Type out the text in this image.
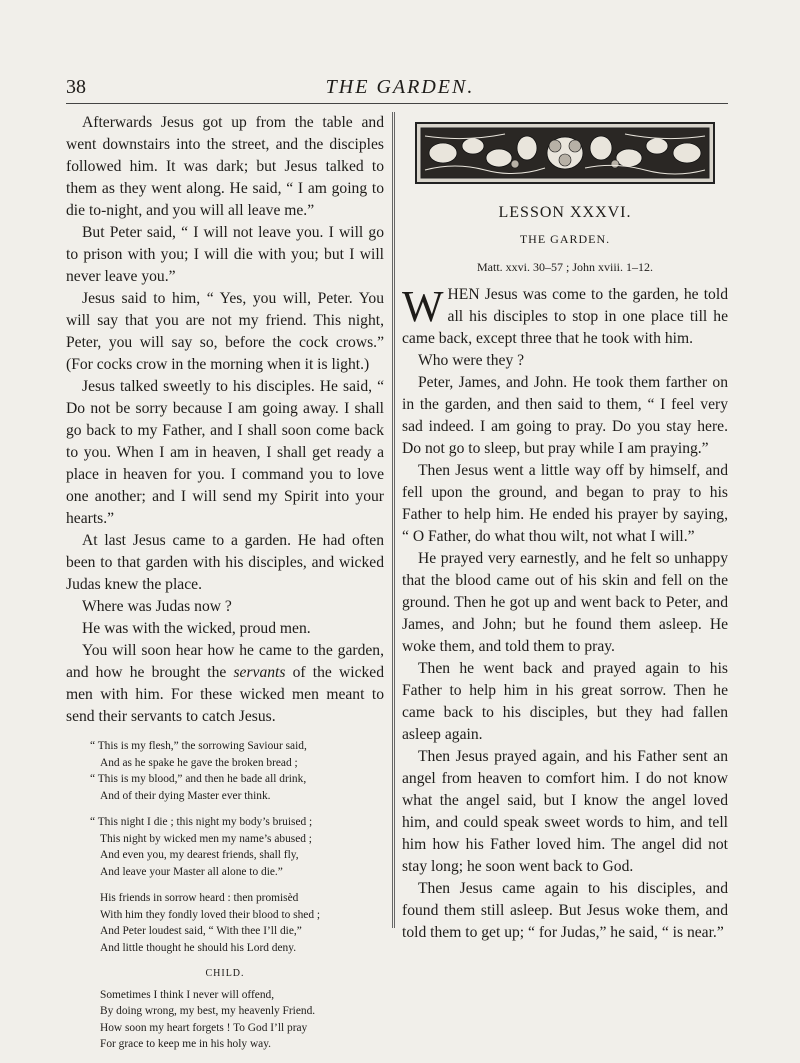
38	THE GARDEN.

Afterwards Jesus got up from the table and went downstairs into the street, and the disciples followed him. It was dark; but Jesus talked to them as they went along. He said, “ I am going to die to-night, and you will all leave me.”

But Peter said, “ I will not leave you. I will go to prison with you; I will die with you; but I will never leave you.”

Jesus said to him, “ Yes, you will, Peter. You will say that you are not my friend. This night, Peter, you will say so, before the cock crows.” (For cocks crow in the morning when it is light.)

Jesus talked sweetly to his disciples. He said, “ Do not be sorry because I am going away. I shall go back to my Father, and I shall soon come back to you. When I am in heaven, I shall get ready a place in heaven for you. I command you to love one another; and I will send my Spirit into your hearts.”

At last Jesus came to a garden. He had often been to that garden with his disciples, and wicked Judas knew the place.

Where was Judas now ?

He was with the wicked, proud men.

You will soon hear how he came to the garden, and how he brought the servants of the wicked men with him. For these wicked men meant to send their servants to catch Jesus.

“ This is my flesh,” the sorrowing Saviour said,
And as he spake he gave the broken bread ;
“ This is my blood,” and then he bade all drink,
And of their dying Master ever think.
“ This night I die ; this night my body’s bruised ;
This night by wicked men my name’s abused ;
And even you, my dearest friends, shall fly,
And leave your Master all alone to die.”
His friends in sorrow heard : then promisèd
With him they fondly loved their blood to shed ;
And Peter loudest said, “ With thee I’ll die,”
And little thought he should his Lord deny.
CHILD.
Sometimes I think I never will offend,
By doing wrong, my best, my heavenly Friend.
How soon my heart forgets ! To God I’ll pray
For grace to keep me in his holy way.
LESSON XXXVI.
THE GARDEN.
Matt. xxvi. 30–57 ; John xviii. 1–12.

WHEN Jesus was come to the garden, he told all his disciples to stop in one place till he came back, except three that he took with him.

Who were they ?

Peter, James, and John. He took them farther on in the garden, and then said to them, “ I feel very sad indeed. I am going to pray. Do you stay here. Do not go to sleep, but pray while I am praying.”

Then Jesus went a little way off by himself, and fell upon the ground, and began to pray to his Father to help him. He ended his prayer by saying, “ O Father, do what thou wilt, not what I will.”

He prayed very earnestly, and he felt so unhappy that the blood came out of his skin and fell on the ground. Then he got up and went back to Peter, and James, and John; but he found them asleep. He woke them, and told them to pray.

Then he went back and prayed again to his Father to help him in his great sorrow. Then he came back to his disciples, but they had fallen asleep again.

Then Jesus prayed again, and his Father sent an angel from heaven to comfort him. I do not know what the angel said, but I know the angel loved him, and could speak sweet words to him, and tell him how his Father loved him. The angel did not stay long; he soon went back to God.

Then Jesus came again to his disciples, and found them still asleep. But Jesus woke them, and told them to get up; “ for Judas,” he said, “ is near.”
